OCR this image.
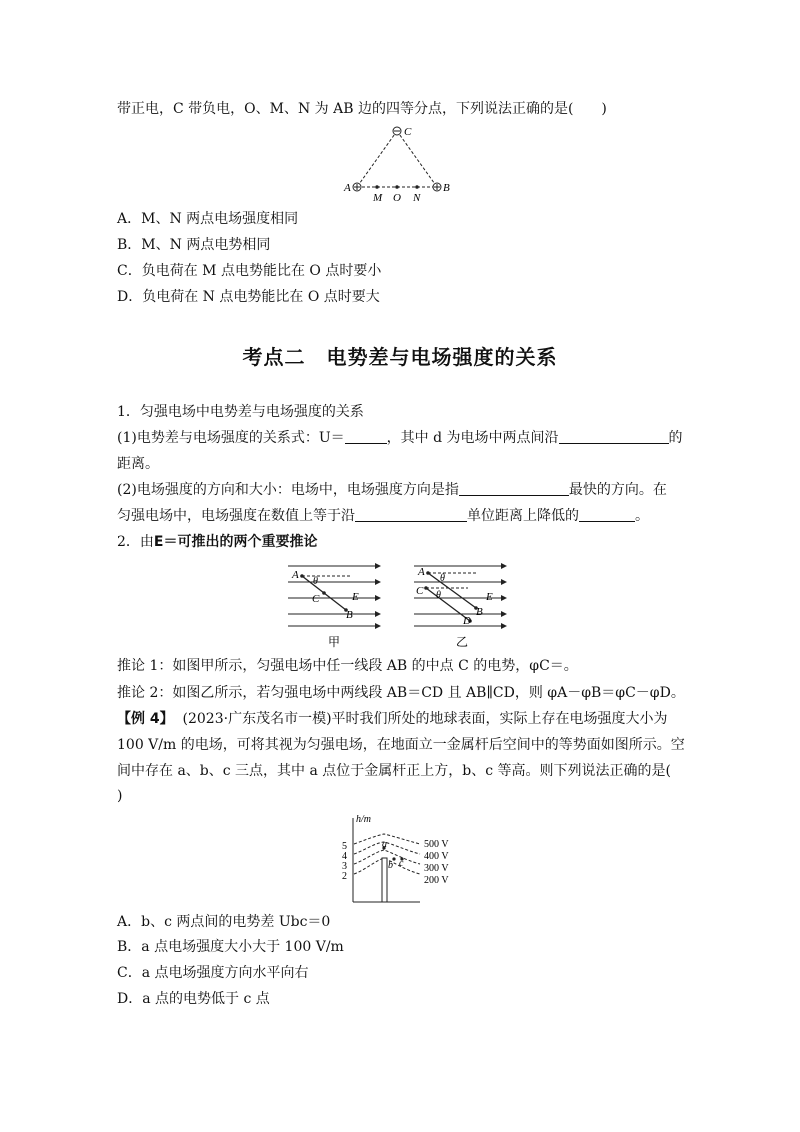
带正电，C 带负电，O、M、N 为 AB 边的四等分点，下列说法正确的是(　　)
C
A	B
M O N
A．M、N 两点电场强度相同
B．M、N 两点电势相同
C．负电荷在 M 点电势能比在 O 点时要小
D．负电荷在 N 点电势能比在 O 点时要大
考点二　电势差与电场强度的关系
1．匀强电场中电势差与电场强度的关系
(1)电势差与电场强度的关系式：U＝	，其中 d 为电场中两点间沿	的
距离。
(2)电场强度的方向和大小：电场中，电场强度方向是指	最快的方向。在
匀强电场中，电场强度在数值上等于沿	单位距离上降低的	。
2．由E＝可推出的两个重要推论
A
θ
C	E
B
甲
A
θ
C θ	E
B
D
乙
推论 1：如图甲所示，匀强电场中任一线段 AB 的中点 C 的电势，φC＝。
推论 2：如图乙所示，若匀强电场中两线段 AB＝CD 且 AB∥CD，则 φA－φB＝φC－φD。
【例 4】 (2023·广东茂名市一模)平时我们所处的地球表面，实际上存在电场强度大小为
100 V/m 的电场，可将其视为匀强电场，在地面立一金属杆后空间中的等势面如图所示。空
间中存在 a、b、c 三点，其中 a 点位于金属杆正上方，b、c 等高。则下列说法正确的是(
)
h/m
5
4
3
2
a
b c
500 V
400 V
300 V
200 V
A．b、c 两点间的电势差 Ubc＝0
B．a 点电场强度大小大于 100 V/m
C．a 点电场强度方向水平向右
D．a 点的电势低于 c 点
